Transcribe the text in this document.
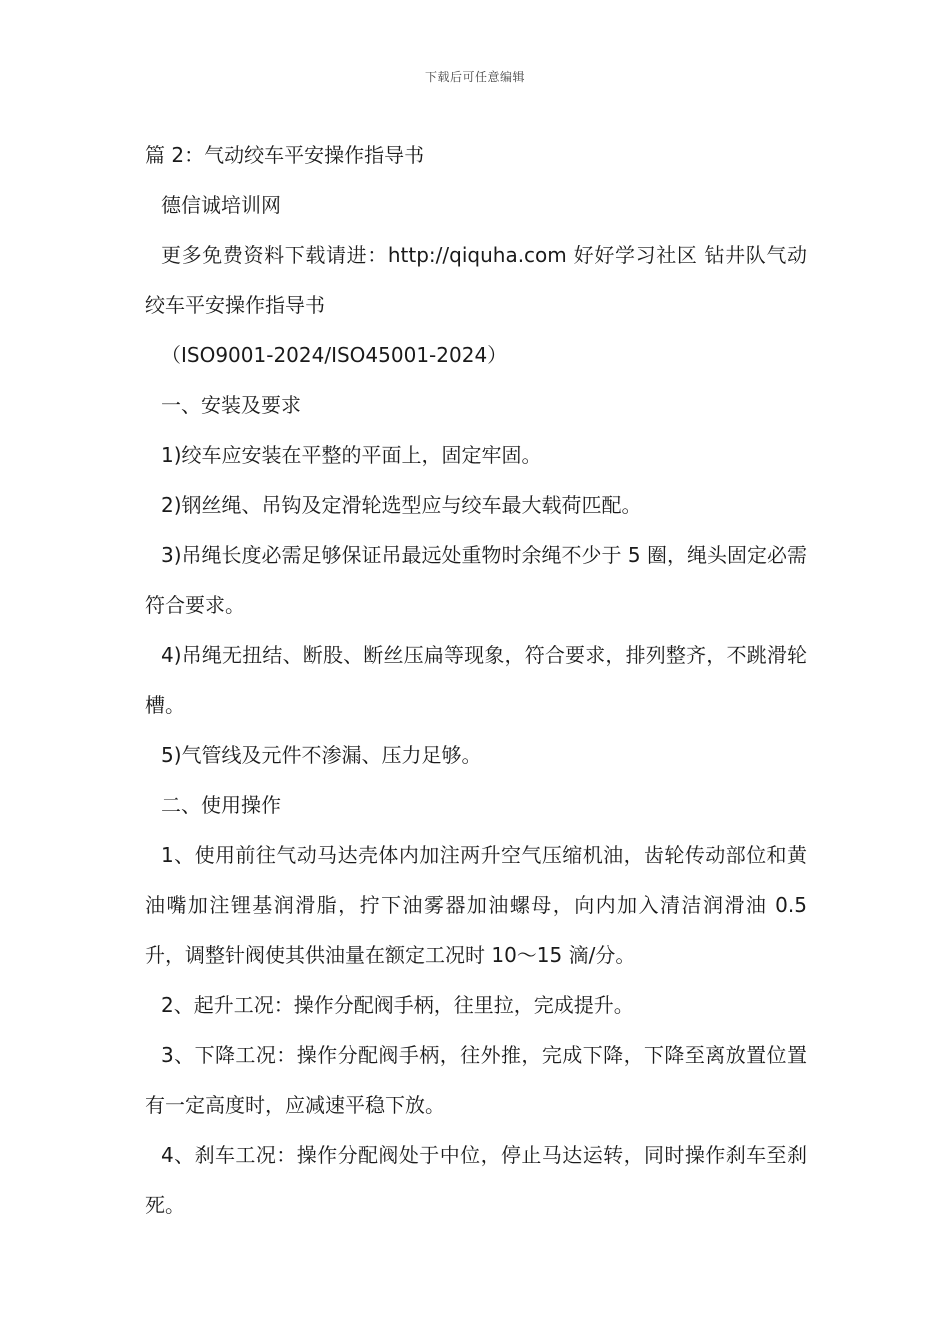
下载后可任意编辑

篇 2：气动绞车平安操作指导书

德信诚培训网

更多免费资料下载请进：http://qiquha.com 好好学习社区 钻井队气动绞车平安操作指导书

（ISO9001-2024/ISO45001-2024）

一、安装及要求

1)绞车应安装在平整的平面上，固定牢固。

2)钢丝绳、吊钩及定滑轮选型应与绞车最大载荷匹配。

3)吊绳长度必需足够保证吊最远处重物时余绳不少于 5 圈，绳头固定必需符合要求。

4)吊绳无扭结、断股、断丝压扁等现象，符合要求，排列整齐，不跳滑轮槽。

5)气管线及元件不渗漏、压力足够。

二、使用操作

1、使用前往气动马达壳体内加注两升空气压缩机油，齿轮传动部位和黄油嘴加注锂基润滑脂，拧下油雾器加油螺母，向内加入清洁润滑油 0.5 升，调整针阀使其供油量在额定工况时 10～15 滴/分。

2、起升工况：操作分配阀手柄，往里拉，完成提升。

3、下降工况：操作分配阀手柄，往外推，完成下降，下降至离放置位置有一定高度时，应减速平稳下放。

4、刹车工况：操作分配阀处于中位，停止马达运转，同时操作刹车至刹死。
